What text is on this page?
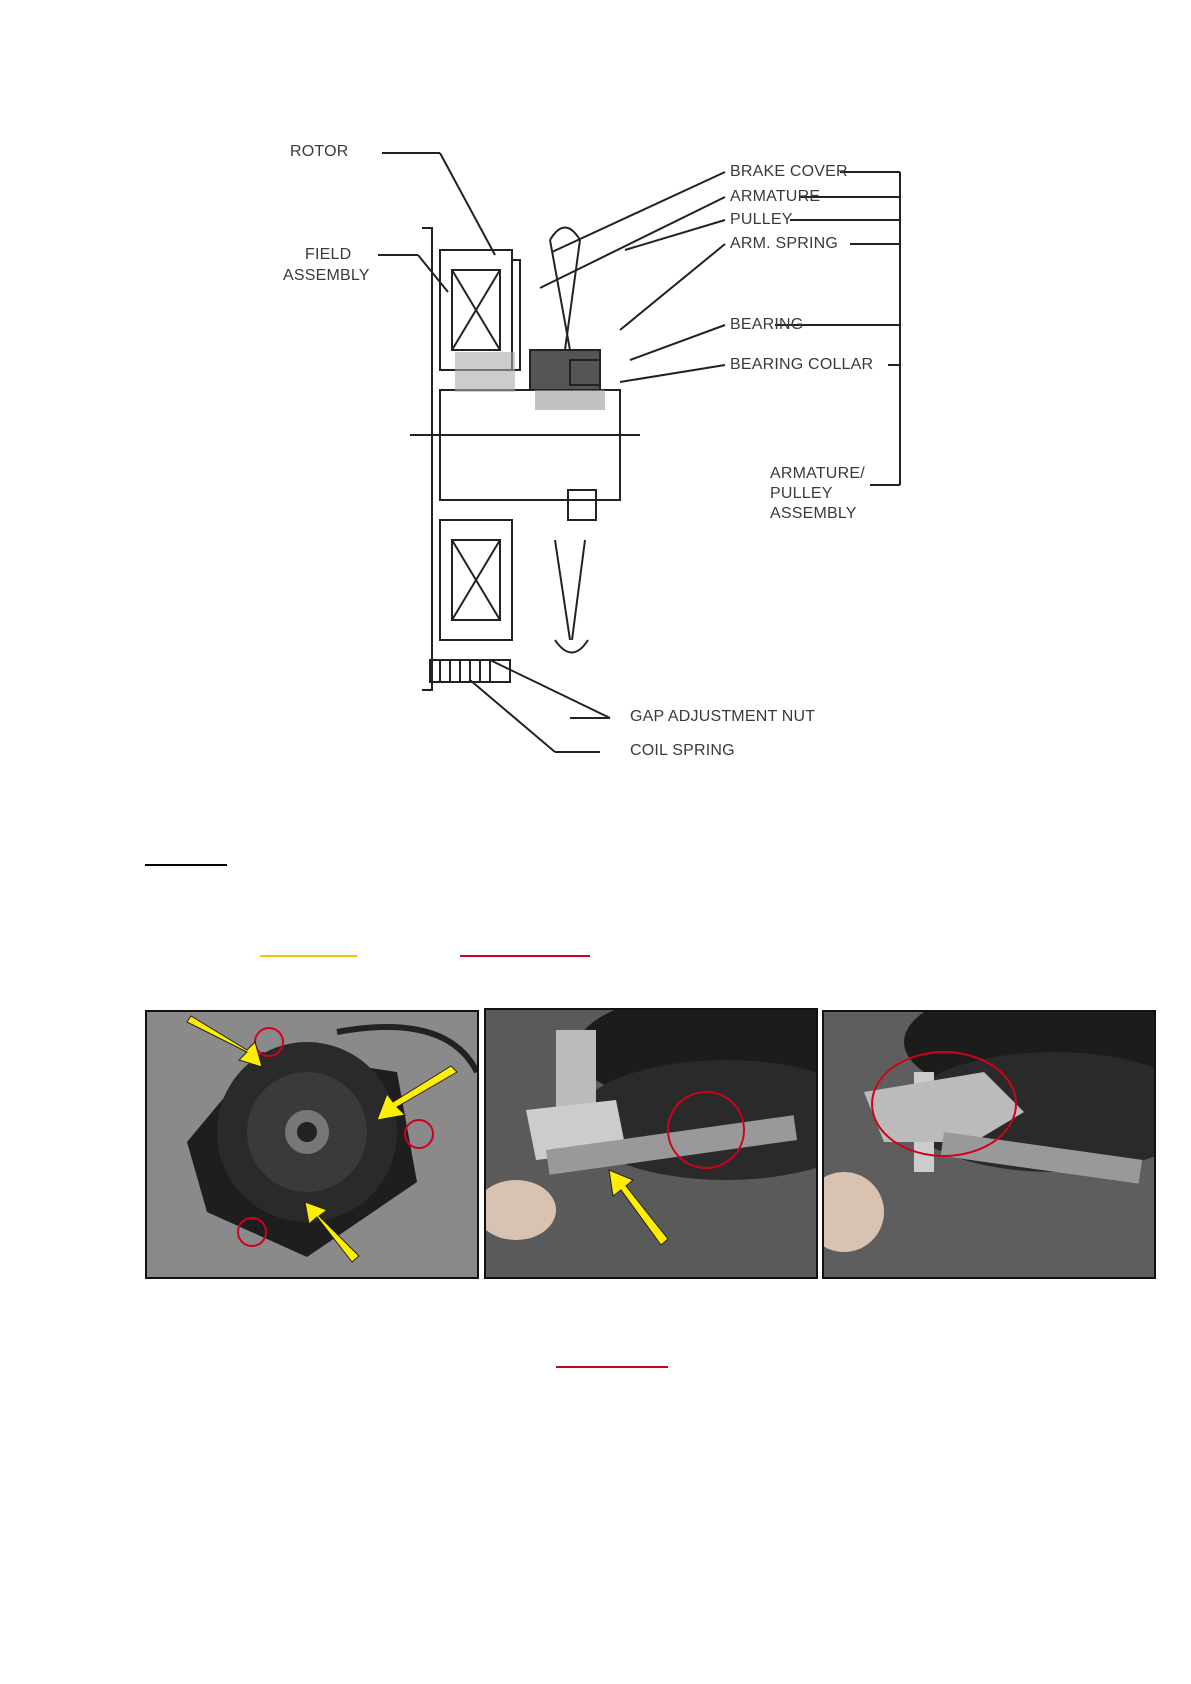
ROTOR
FIELD
ASSEMBLY
BRAKE COVER
ARMATURE
PULLEY
ARM. SPRING
BEARING
BEARING COLLAR
ARMATURE/
PULLEY
ASSEMBLY
GAP ADJUSTMENT NUT
COIL SPRING
